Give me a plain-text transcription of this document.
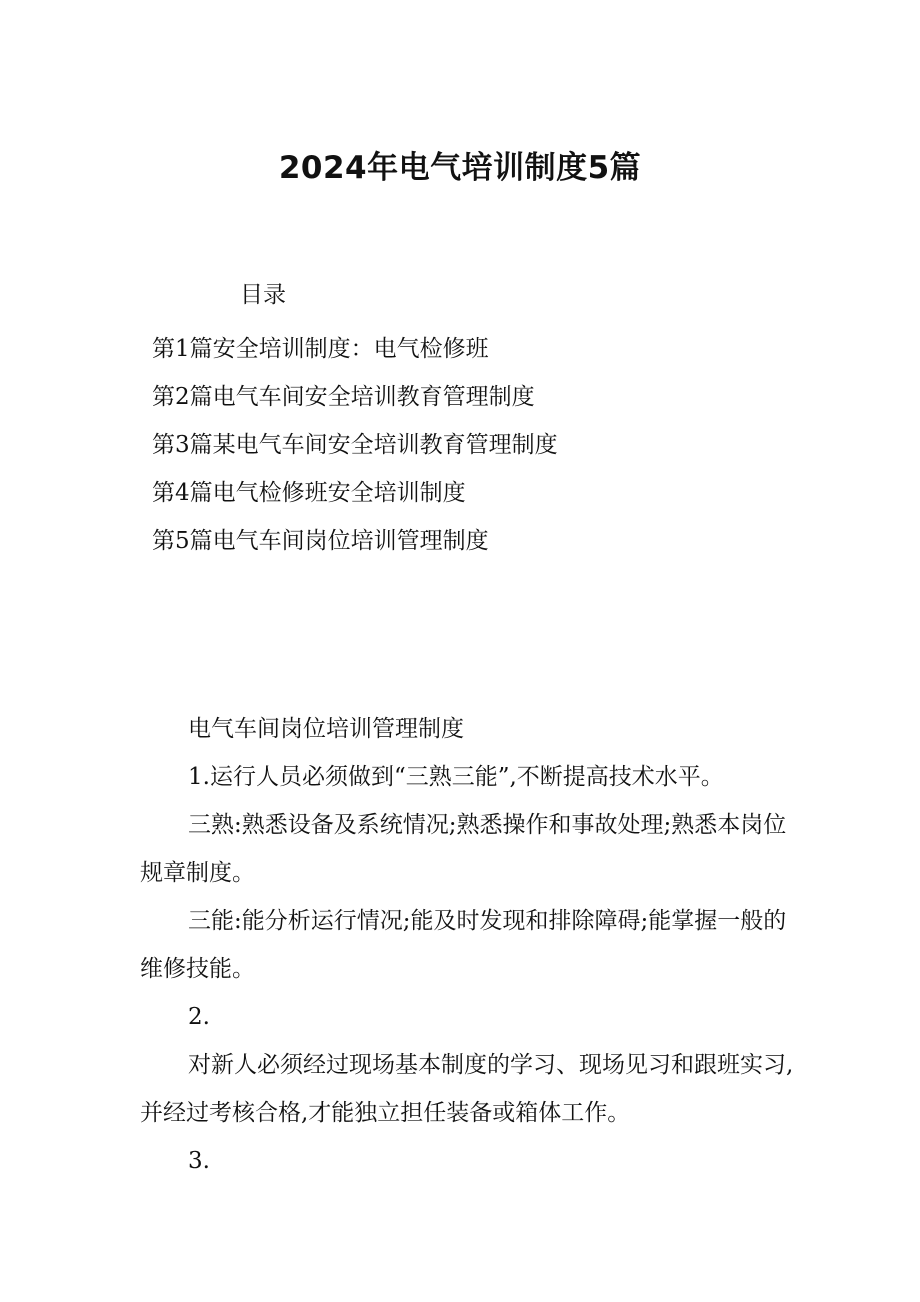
2024年电气培训制度5篇
目录
第1篇安全培训制度：电气检修班
第2篇电气车间安全培训教育管理制度
第3篇某电气车间安全培训教育管理制度
第4篇电气检修班安全培训制度
第5篇电气车间岗位培训管理制度

电气车间岗位培训管理制度

1.运行人员必须做到“三熟三能”,不断提高技术水平。

三熟:熟悉设备及系统情况;熟悉操作和事故处理;熟悉本岗位规章制度。

三能:能分析运行情况;能及时发现和排除障碍;能掌握一般的维修技能。

2.

对新人必须经过现场基本制度的学习、现场见习和跟班实习,并经过考核合格,才能独立担任装备或箱体工作。

3.
